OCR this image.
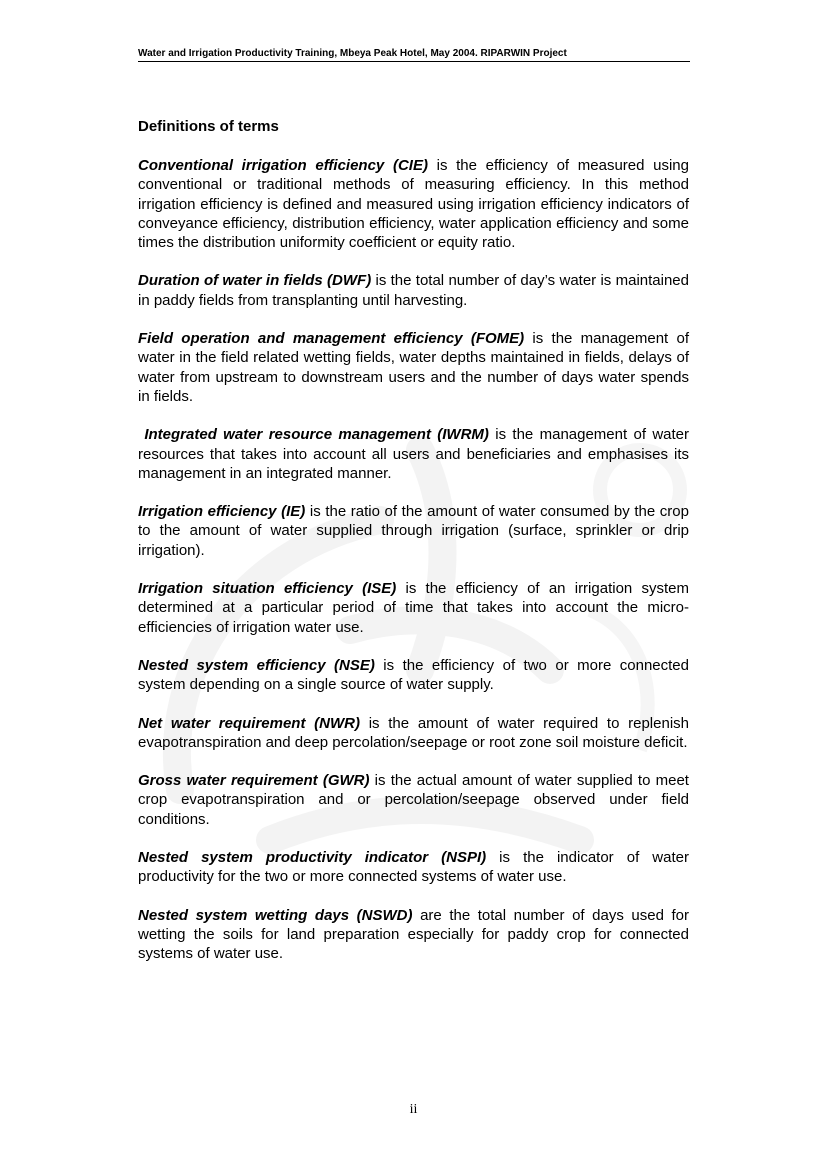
Water and Irrigation Productivity Training, Mbeya Peak Hotel, May 2004. RIPARWIN Project
Definitions of terms

Conventional irrigation efficiency (CIE) is the efficiency of measured using conventional or traditional methods of measuring efficiency. In this method irrigation efficiency is defined and measured using irrigation efficiency indicators of conveyance efficiency, distribution efficiency, water application efficiency and some times the distribution uniformity coefficient or equity ratio.

Duration of water in fields (DWF) is the total number of day’s water is maintained in paddy fields from transplanting until harvesting.

Field operation and management efficiency (FOME) is the management of water in the field related wetting fields, water depths maintained in fields, delays of water from upstream to downstream users and the number of days water spends in fields.

Integrated water resource management (IWRM) is the management of water resources that takes into account all users and beneficiaries and emphasises its management in an integrated manner.

Irrigation efficiency (IE) is the ratio of the amount of water consumed by the crop to the amount of water supplied through irrigation (surface, sprinkler or drip irrigation).

Irrigation situation efficiency (ISE) is the efficiency of an irrigation system determined at a particular period of time that takes into account the micro-efficiencies of irrigation water use.

Nested system efficiency (NSE) is the efficiency of two or more connected system depending on a single source of water supply.

Net water requirement (NWR) is the amount of water required to replenish evapotranspiration and deep percolation/seepage or root zone soil moisture deficit.

Gross water requirement (GWR) is the actual amount of water supplied to meet crop evapotranspiration and or percolation/seepage observed under field conditions.

Nested system productivity indicator (NSPI) is the indicator of water productivity for the two or more connected systems of water use.

Nested system wetting days (NSWD) are the total number of days used for wetting the soils for land preparation especially for paddy crop for connected systems of water use.

ii
